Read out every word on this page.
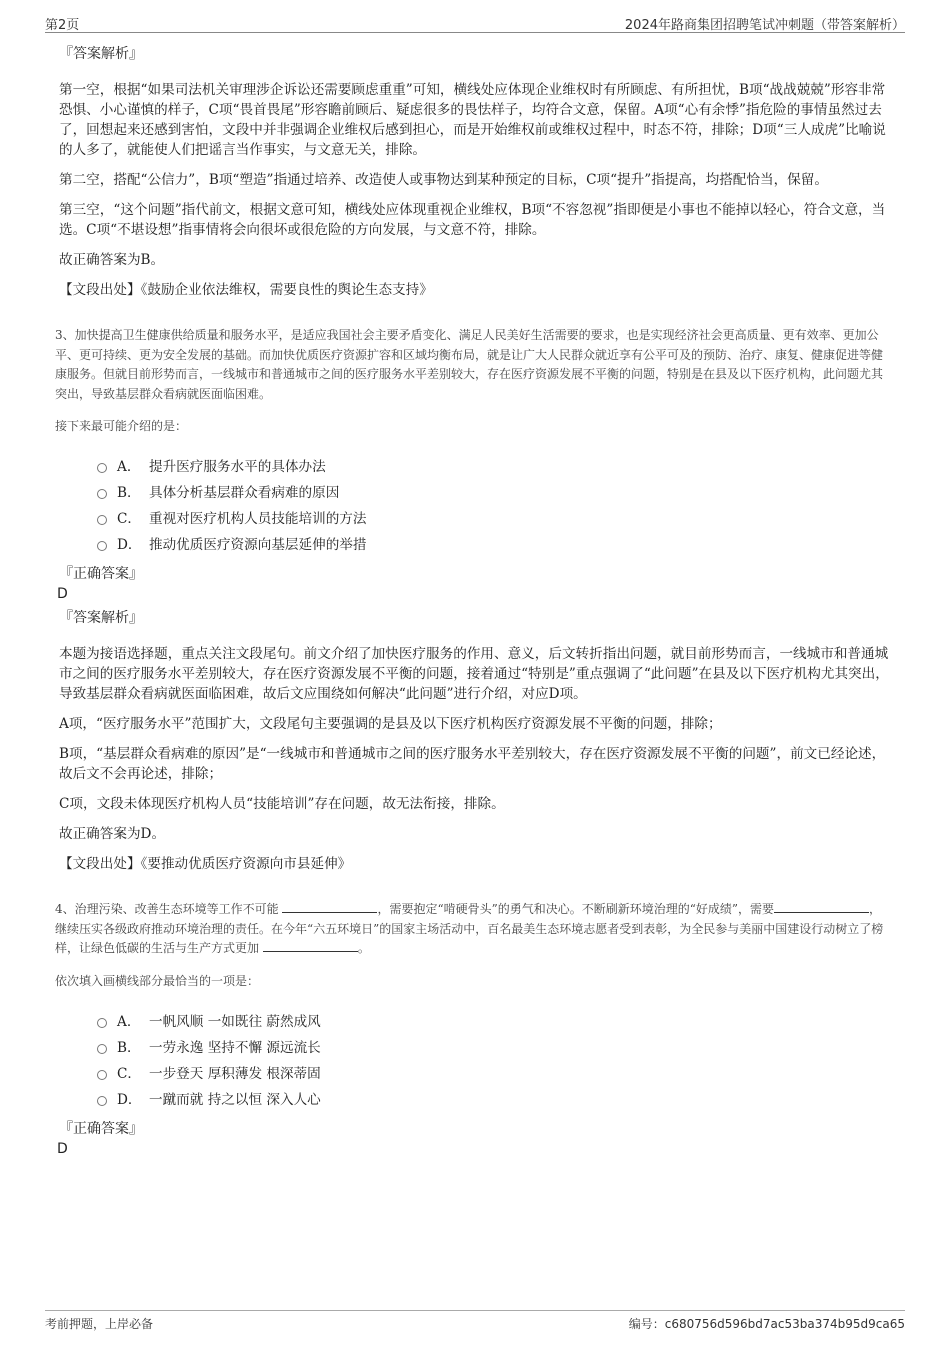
第2页	2024年路商集团招聘笔试冲刺题（带答案解析）

『答案解析』

第一空，根据“如果司法机关审理涉企诉讼还需要顾虑重重”可知，横线处应体现企业维权时有所顾虑、有所担忧，B项“战战兢兢”形容非常恐惧、小心谨慎的样子，C项“畏首畏尾”形容瞻前顾后、疑虑很多的畏怯样子，均符合文意，保留。A项“心有余悸”指危险的事情虽然过去了，回想起来还感到害怕，文段中并非强调企业维权后感到担心，而是开始维权前或维权过程中，时态不符，排除；D项“三人成虎”比喻说的人多了，就能使人们把谣言当作事实，与文意无关，排除。

第二空，搭配“公信力”，B项“塑造”指通过培养、改造使人或事物达到某种预定的目标，C项“提升”指提高，均搭配恰当，保留。

第三空，“这个问题”指代前文，根据文意可知，横线处应体现重视企业维权，B项“不容忽视”指即便是小事也不能掉以轻心，符合文意，当选。C项“不堪设想”指事情将会向很坏或很危险的方向发展，与文意不符，排除。

故正确答案为B。

【文段出处】《鼓励企业依法维权，需要良性的舆论生态支持》

3、加快提高卫生健康供给质量和服务水平，是适应我国社会主要矛盾变化、满足人民美好生活需要的要求，也是实现经济社会更高质量、更有效率、更加公平、更可持续、更为安全发展的基础。而加快优质医疗资源扩容和区域均衡布局，就是让广大人民群众就近享有公平可及的预防、治疗、康复、健康促进等健康服务。但就目前形势而言，一线城市和普通城市之间的医疗服务水平差别较大，存在医疗资源发展不平衡的问题，特别是在县及以下医疗机构，此问题尤其突出，导致基层群众看病就医面临困难。

接下来最可能介绍的是：

A． 提升医疗服务水平的具体办法
B． 具体分析基层群众看病难的原因
C． 重视对医疗机构人员技能培训的方法
D． 推动优质医疗资源向基层延伸的举措

『正确答案』

D

『答案解析』

本题为接语选择题，重点关注文段尾句。前文介绍了加快医疗服务的作用、意义，后文转折指出问题，就目前形势而言，一线城市和普通城市之间的医疗服务水平差别较大，存在医疗资源发展不平衡的问题，接着通过“特别是”重点强调了“此问题”在县及以下医疗机构尤其突出，导致基层群众看病就医面临困难，故后文应围绕如何解决“此问题”进行介绍，对应D项。

A项，“医疗服务水平”范围扩大，文段尾句主要强调的是县及以下医疗机构医疗资源发展不平衡的问题，排除；

B项，“基层群众看病难的原因”是“一线城市和普通城市之间的医疗服务水平差别较大，存在医疗资源发展不平衡的问题”，前文已经论述，故后文不会再论述，排除；

C项，文段未体现医疗机构人员“技能培训”存在问题，故无法衔接，排除。

故正确答案为D。

【文段出处】《要推动优质医疗资源向市县延伸》

4、治理污染、改善生态环境等工作不可能	，需要抱定“啃硬骨头”的勇气和决心。不断刷新环境治理的“好成绩”，需要	，继续压实各级政府推动环境治理的责任。在今年“六五环境日”的国家主场活动中，百名最美生态环境志愿者受到表彰，为全民参与美丽中国建设行动树立了榜样，让绿色低碳的生活与生产方式更加	。

依次填入画横线部分最恰当的一项是：

A． 一帆风顺 一如既往 蔚然成风
B． 一劳永逸 坚持不懈 源远流长
C． 一步登天 厚积薄发 根深蒂固
D． 一蹴而就 持之以恒 深入人心

『正确答案』

D

考前押题，上岸必备	编号：c680756d596bd7ac53ba374b95d9ca65
